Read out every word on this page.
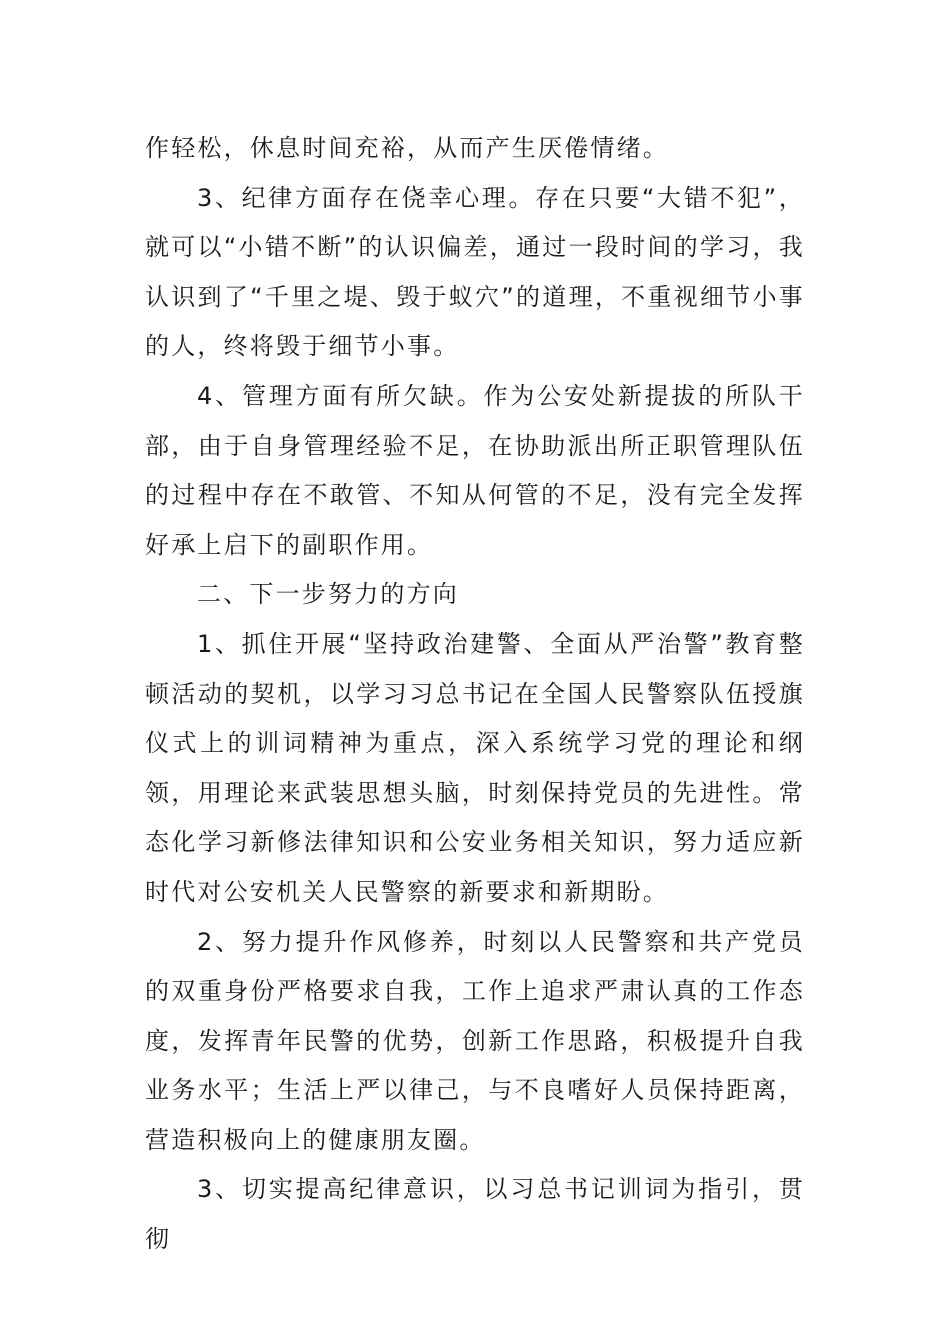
作轻松，休息时间充裕，从而产生厌倦情绪。

3、纪律方面存在侥幸心理。存在只要“大错不犯”，就可以“小错不断”的认识偏差，通过一段时间的学习，我认识到了“千里之堤、毁于蚁穴”的道理，不重视细节小事的人，终将毁于细节小事。

4、管理方面有所欠缺。作为公安处新提拔的所队干部，由于自身管理经验不足，在协助派出所正职管理队伍的过程中存在不敢管、不知从何管的不足，没有完全发挥好承上启下的副职作用。

二、下一步努力的方向

1、抓住开展“坚持政治建警、全面从严治警”教育整顿活动的契机，以学习习总书记在全国人民警察队伍授旗仪式上的训词精神为重点，深入系统学习党的理论和纲领，用理论来武装思想头脑，时刻保持党员的先进性。常态化学习新修法律知识和公安业务相关知识，努力适应新时代对公安机关人民警察的新要求和新期盼。

2、努力提升作风修养，时刻以人民警察和共产党员的双重身份严格要求自我，工作上追求严肃认真的工作态度，发挥青年民警的优势，创新工作思路，积极提升自我业务水平；生活上严以律己，与不良嗜好人员保持距离，营造积极向上的健康朋友圈。

3、切实提高纪律意识，以习总书记训词为指引，贯彻
